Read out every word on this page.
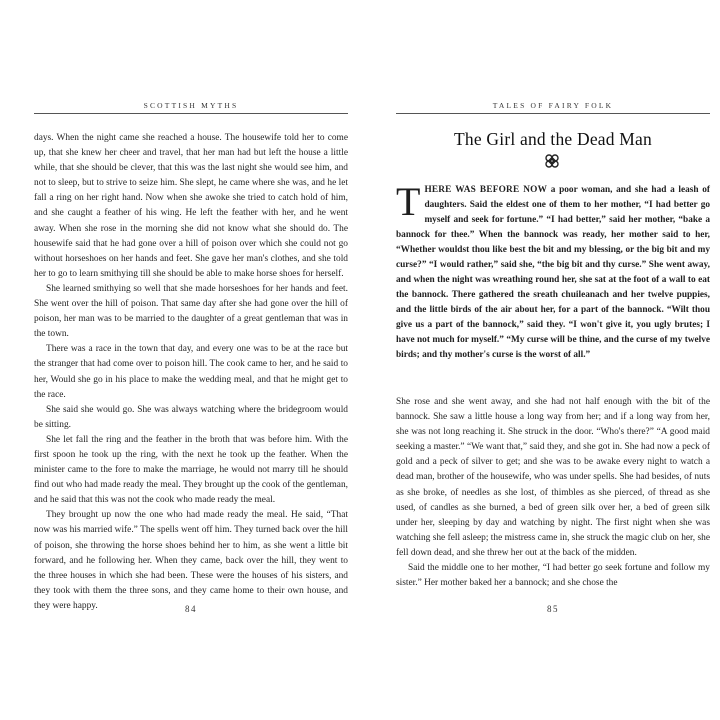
SCOTTISH MYTHS

days. When the night came she reached a house. The housewife told her to come up, that she knew her cheer and travel, that her man had but left the house a little while, that she should be clever, that this was the last night she would see him, and not to sleep, but to strive to seize him. She slept, he came where she was, and he let fall a ring on her right hand. Now when she awoke she tried to catch hold of him, and she caught a feather of his wing. He left the feather with her, and he went away. When she rose in the morning she did not know what she should do. The housewife said that he had gone over a hill of poison over which she could not go without horseshoes on her hands and feet. She gave her man's clothes, and she told her to go to learn smithying till she should be able to make horse shoes for herself.

She learned smithying so well that she made horseshoes for her hands and feet. She went over the hill of poison. That same day after she had gone over the hill of poison, her man was to be married to the daughter of a great gentleman that was in the town.

There was a race in the town that day, and every one was to be at the race but the stranger that had come over to poison hill. The cook came to her, and he said to her, Would she go in his place to make the wedding meal, and that he might get to the race.

She said she would go. She was always watching where the bridegroom would be sitting.

She let fall the ring and the feather in the broth that was before him. With the first spoon he took up the ring, with the next he took up the feather. When the minister came to the fore to make the marriage, he would not marry till he should find out who had made ready the meal. They brought up the cook of the gentleman, and he said that this was not the cook who made ready the meal.

They brought up now the one who had made ready the meal. He said, “That now was his married wife.” The spells went off him. They turned back over the hill of poison, she throwing the horse shoes behind her to him, as she went a little bit forward, and he following her. When they came, back over the hill, they went to the three houses in which she had been. These were the houses of his sisters, and they took with them the three sons, and they came home to their own house, and they were happy.	84
TALES OF FAIRY FOLK
The Girl and the Dead Man

THERE WAS BEFORE NOW a poor woman, and she had a leash of daughters. Said the eldest one of them to her mother, “I had better go myself and seek for fortune.” “I had better,” said her mother, “bake a bannock for thee.” When the bannock was ready, her mother said to her, “Whether wouldst thou like best the bit and my blessing, or the big bit and my curse?” “I would rather,” said she, “the big bit and thy curse.” She went away, and when the night was wreathing round her, she sat at the foot of a wall to eat the bannock. There gathered the sreath chuileanach and her twelve puppies, and the little birds of the air about her, for a part of the bannock. “Wilt thou give us a part of the bannock,” said they. “I won't give it, you ugly brutes; I have not much for myself.” “My curse will be thine, and the curse of my twelve birds; and thy mother's curse is the worst of all.”

She rose and she went away, and she had not half enough with the bit of the bannock. She saw a little house a long way from her; and if a long way from her, she was not long reaching it. She struck in the door. “Who's there?” “A good maid seeking a master.” “We want that,” said they, and she got in. She had now a peck of gold and a peck of silver to get; and she was to be awake every night to watch a dead man, brother of the housewife, who was under spells. She had besides, of nuts as she broke, of needles as she lost, of thimbles as she pierced, of thread as she used, of candles as she burned, a bed of green silk over her, a bed of green silk under her, sleeping by day and watching by night. The first night when she was watching she fell asleep; the mistress came in, she struck the magic club on her, she fell down dead, and she threw her out at the back of the midden.

Said the middle one to her mother, “I had better go seek fortune and follow my sister.” Her mother baked her a bannock; and she chose the

85
